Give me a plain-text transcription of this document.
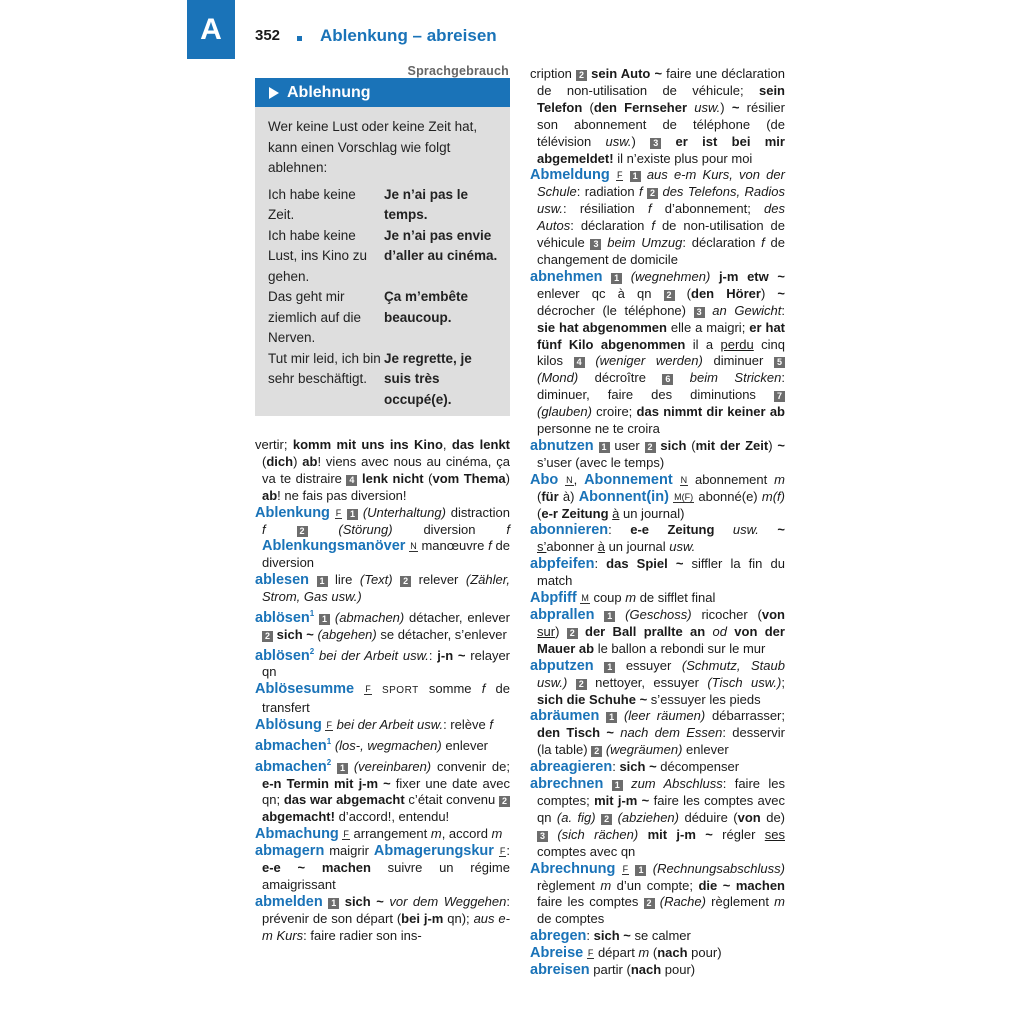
A 352 Ablenkung – abreisen
Sprachgebrauch
Ablehnung
Wer keine Lust oder keine Zeit hat, kann einen Vorschlag wie folgt ablehnen:
Ich habe keine Zeit.
Je n’ai pas le temps.
Ich habe keine Lust, ins Kino zu gehen.
Je n’ai pas envie d’aller au cinéma.
Das geht mir ziemlich auf die Nerven.
Ça m’embête beaucoup.
Tut mir leid, ich bin sehr beschäftigt.
Je regrette, je suis très occupé(e).

vertir; komm mit uns ins Kino, das lenkt (dich) ab! viens avec nous au cinéma, ça va te distraire 4 lenk nicht (vom Thema) ab! ne fais pas diversion!

Ablenkung F 1 (Unterhaltung) distraction f	2	(Störung) diversion f Ablenkungsmanöver N manœuvre f de diversion

ablesen 1 lire (Text) 2 relever (Zähler, Strom, Gas usw.)

ablösen$^1$ 1 (abmachen) détacher, enlever 2 sich ~ (abgehen) se détacher, s’enlever

ablösen$^2$ bei der Arbeit usw.: j-n ~ relayer qn

Ablösesumme F SPORT somme f de transfert

Ablösung F bei der Arbeit usw.: relève f

abmachen$^1$ (los-, wegmachen) enlever

abmachen$^2$ 1 (vereinbaren) convenir de; e-n Termin mit j-m ~ fixer une date avec qn; das war abgemacht c’était convenu 2 abgemacht! d’accord!, entendu!

Abmachung F arrangement m, accord m

abmagern maigrir Abmagerungskur F: e-e ~ machen suivre un régime amaigrissant

abmelden 1 sich ~ vor dem Weggehen: prévenir de son départ (bei j-m qn); aus e-m Kurs: faire radier son ins-

cription 2 sein Auto ~ faire une déclaration de non-utilisation de véhicule; sein Telefon (den Fernseher usw.) ~ résilier son abonnement de téléphone (de télévision usw.) 3 er ist bei mir abgemeldet! il n’existe plus pour moi

Abmeldung F 1 aus e-m Kurs, von der Schule: radiation f 2 des Telefons, Radios usw.: résiliation f d’abonnement; des Autos: déclaration f de non-utilisation de véhicule 3 beim Umzug: déclaration f de changement de domicile

abnehmen 1 (wegnehmen) j-m etw ~ enlever qc à qn 2 (den Hörer) ~ décrocher (le téléphone) 3 an Gewicht: sie hat abgenommen elle a maigri; er hat fünf Kilo abgenommen il a perdu cinq kilos 4 (weniger werden) diminuer 5 (Mond) décroître 6 beim Stricken: diminuer, faire des diminutions 7 (glauben) croire; das nimmt dir keiner ab personne ne te croira

abnutzen 1 user 2 sich (mit der Zeit) ~ s’user (avec le temps)

Abo N, Abonnement N abonnement m (für à) Abonnent(in) M(F) abonné(e) m(f) (e-r Zeitung à un journal)

abonnieren: e-e Zeitung usw. ~ s’abonner à un journal usw.

abpfeifen: das Spiel ~ siffler la fin du match

Abpfiff M coup m de sifflet final

abprallen 1 (Geschoss) ricocher (von sur) 2 der Ball prallte an od von der Mauer ab le ballon a rebondi sur le mur

abputzen 1 essuyer (Schmutz, Staub usw.) 2 nettoyer, essuyer (Tisch usw.); sich die Schuhe ~ s’essuyer les pieds

abräumen 1 (leer räumen) débarrasser; den Tisch ~ nach dem Essen: desservir (la table) 2 (wegräumen) enlever

abreagieren: sich ~ décompenser

abrechnen 1 zum Abschluss: faire les comptes; mit j-m ~ faire les comptes avec qn (a. fig) 2 (abziehen) déduire (von de) 3 (sich rächen) mit j-m ~ régler ses comptes avec qn

Abrechnung F 1 (Rechnungsabschluss) règlement m d’un compte; die ~ machen faire les comptes 2 (Rache) règlement m de comptes

abregen: sich ~ se calmer

Abreise F départ m (nach pour)

abreisen partir (nach pour)
